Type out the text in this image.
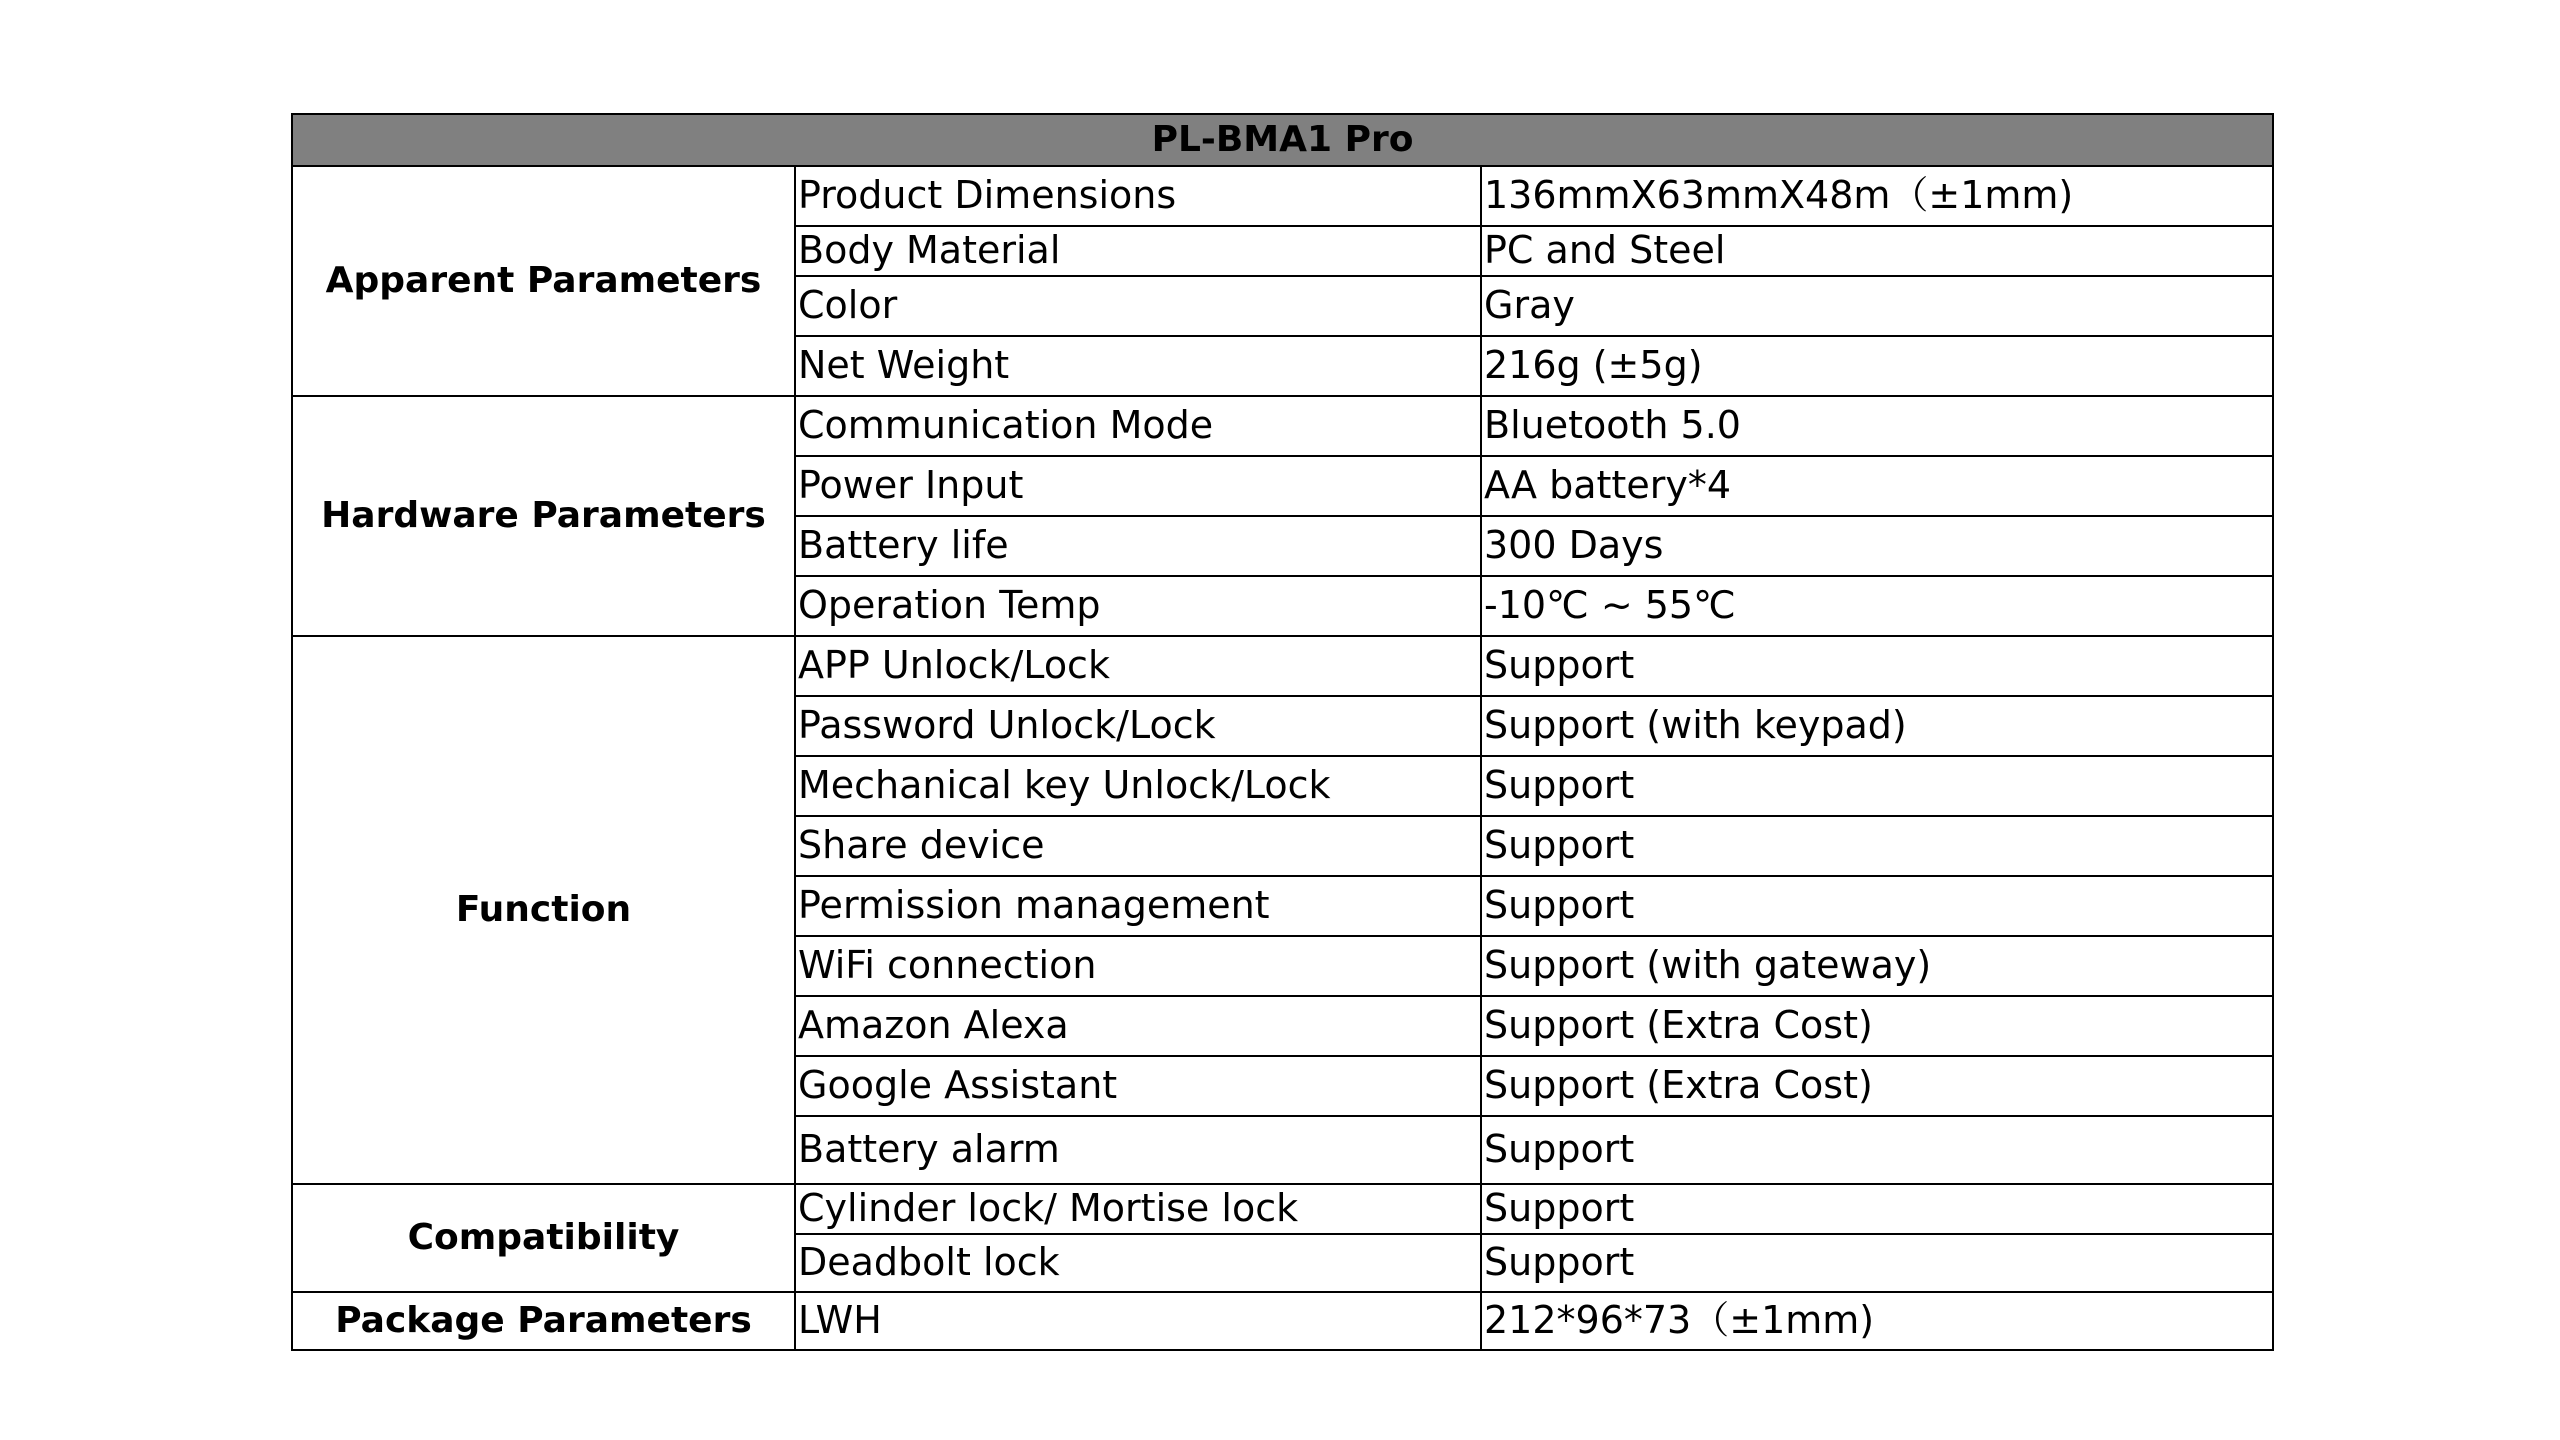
PL-BMA1 Pro		
Apparent Parameters	Product Dimensions	136mmX63mmX48m（±1mm)
	Body Material	PC and Steel
	Color	Gray
	Net Weight	216g (±5g)
Hardware Parameters	Communication Mode	Bluetooth 5.0
	Power Input	AA battery*4
	Battery life	300 Days
	Operation Temp	-10℃ ~ 55℃
Function	APP Unlock/Lock	Support
	Password Unlock/Lock	Support (with keypad)
	Mechanical key Unlock/Lock	Support
	Share device	Support
	Permission management	Support
	WiFi connection	Support (with gateway)
	Amazon Alexa	Support (Extra Cost)
	Google Assistant	Support (Extra Cost)
	Battery alarm	Support
Compatibility	Cylinder lock/ Mortise lock	Support
	Deadbolt lock	Support
Package Parameters	LWH	212*96*73（±1mm)
